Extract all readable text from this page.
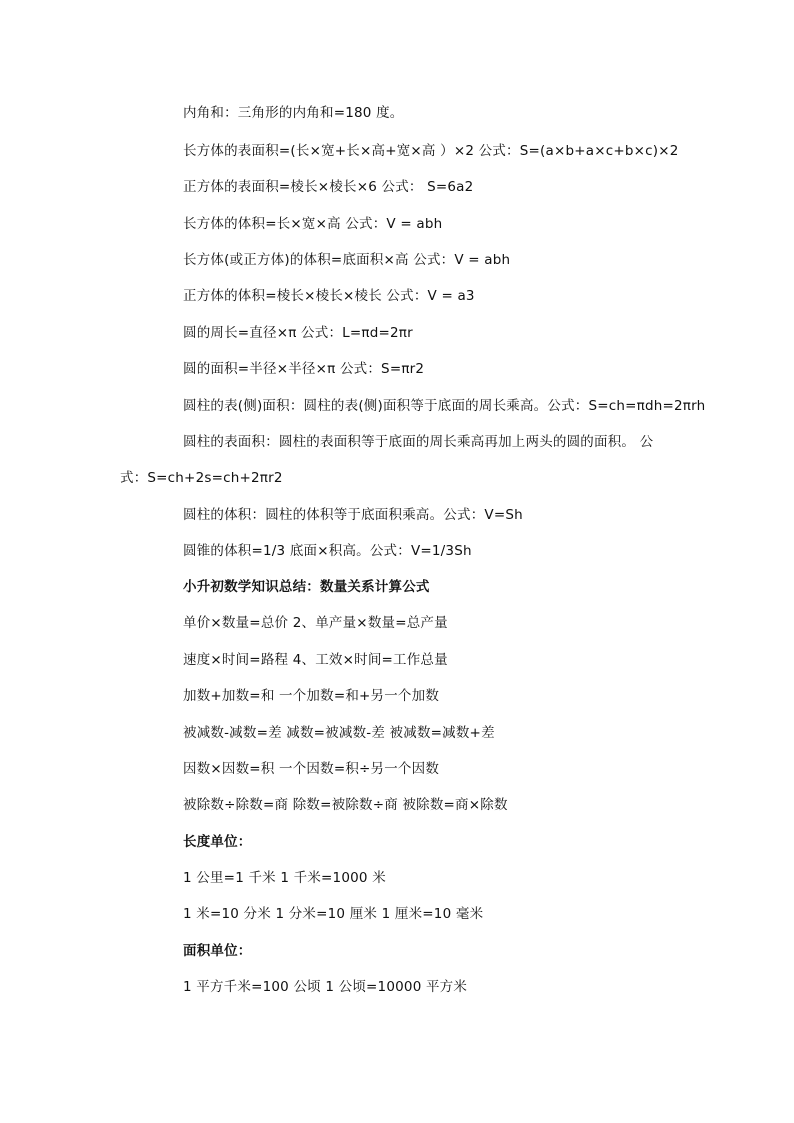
内角和：三角形的内角和=180 度。
长方体的表面积=(长×宽+长×高+宽×高 ）×2 公式：S=(a×b+a×c+b×c)×2
正方体的表面积=棱长×棱长×6 公式： S=6a2
长方体的体积=长×宽×高 公式：V = abh
长方体(或正方体)的体积=底面积×高 公式：V = abh
正方体的体积=棱长×棱长×棱长 公式：V = a3
圆的周长=直径×π 公式：L=πd=2πr
圆的面积=半径×半径×π 公式：S=πr2
圆柱的表(侧)面积：圆柱的表(侧)面积等于底面的周长乘高。公式：S=ch=πdh=2πrh
圆柱的表面积：圆柱的表面积等于底面的周长乘高再加上两头的圆的面积。 公
式：S=ch+2s=ch+2πr2
圆柱的体积：圆柱的体积等于底面积乘高。公式：V=Sh
圆锥的体积=1/3 底面×积高。公式：V=1/3Sh
小升初数学知识总结：数量关系计算公式
单价×数量=总价 2、单产量×数量=总产量
速度×时间=路程 4、工效×时间=工作总量
加数+加数=和 一个加数=和+另一个加数
被减数-减数=差 减数=被减数-差 被减数=减数+差
因数×因数=积 一个因数=积÷另一个因数
被除数÷除数=商 除数=被除数÷商 被除数=商×除数
长度单位：
1 公里=1 千米 1 千米=1000 米
1 米=10 分米 1 分米=10 厘米 1 厘米=10 毫米
面积单位：
1 平方千米=100 公顷 1 公顷=10000 平方米
